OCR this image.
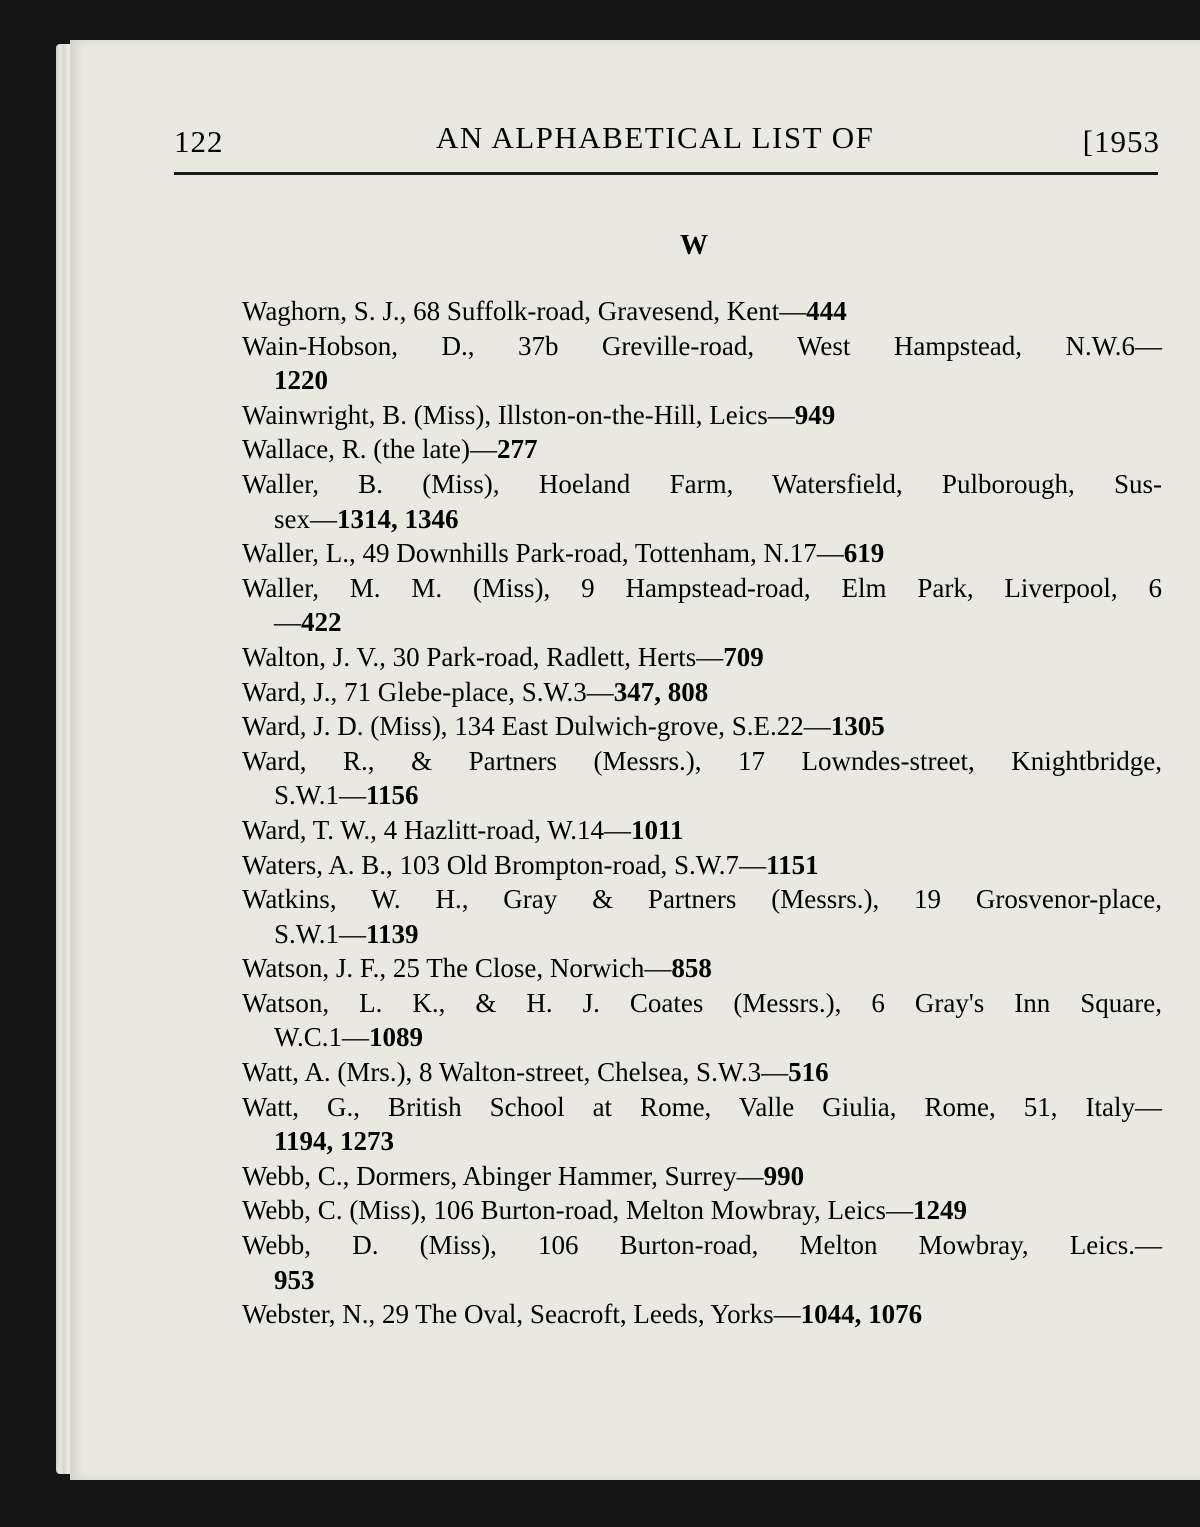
122	AN ALPHABETICAL LIST OF	[1953
W
Waghorn, S. J., 68 Suffolk-road, Gravesend, Kent—444
Wain-Hobson, D., 37b Greville-road, West Hampstead, N.W.6—
1220
Wainwright, B. (Miss), Illston-on-the-Hill, Leics—949
Wallace, R. (the late)—277
Waller, B. (Miss), Hoeland Farm, Watersfield, Pulborough, Sus-
sex—1314, 1346
Waller, L., 49 Downhills Park-road, Tottenham, N.17—619
Waller, M. M. (Miss), 9 Hampstead-road, Elm Park, Liverpool, 6
—422
Walton, J. V., 30 Park-road, Radlett, Herts—709
Ward, J., 71 Glebe-place, S.W.3—347, 808
Ward, J. D. (Miss), 134 East Dulwich-grove, S.E.22—1305
Ward, R., & Partners (Messrs.), 17 Lowndes-street, Knightbridge,
S.W.1—1156
Ward, T. W., 4 Hazlitt-road, W.14—1011
Waters, A. B., 103 Old Brompton-road, S.W.7—1151
Watkins, W. H., Gray & Partners (Messrs.), 19 Grosvenor-place,
S.W.1—1139
Watson, J. F., 25 The Close, Norwich—858
Watson, L. K., & H. J. Coates (Messrs.), 6 Gray's Inn Square,
W.C.1—1089
Watt, A. (Mrs.), 8 Walton-street, Chelsea, S.W.3—516
Watt, G., British School at Rome, Valle Giulia, Rome, 51, Italy—
1194, 1273
Webb, C., Dormers, Abinger Hammer, Surrey—990
Webb, C. (Miss), 106 Burton-road, Melton Mowbray, Leics—1249
Webb, D. (Miss), 106 Burton-road, Melton Mowbray, Leics.—
953
Webster, N., 29 The Oval, Seacroft, Leeds, Yorks—1044, 1076
